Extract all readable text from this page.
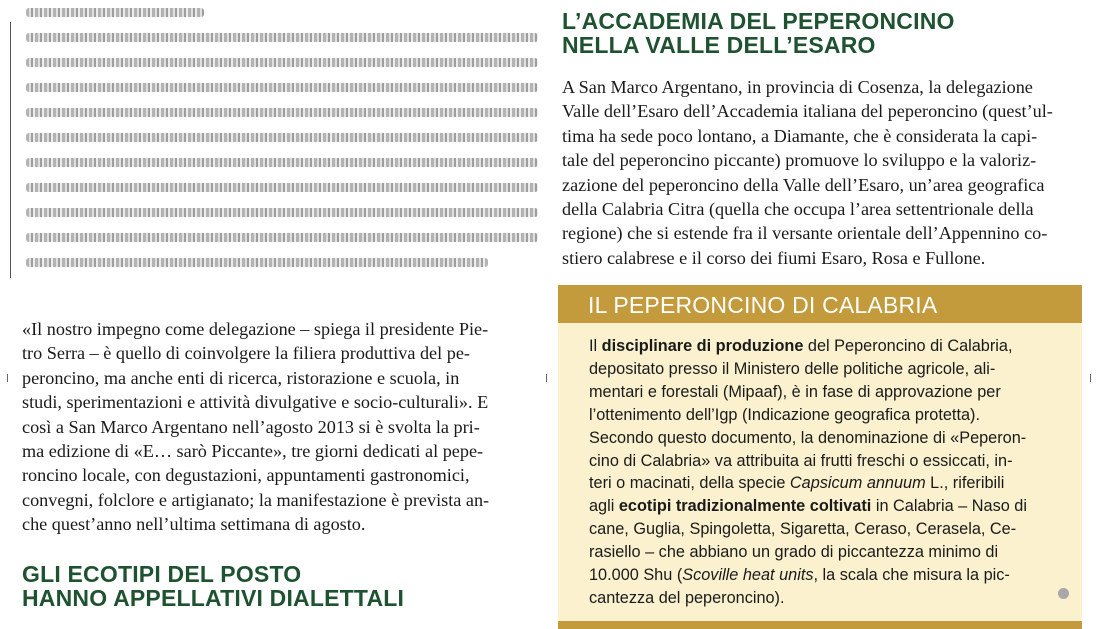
«Il nostro impegno come delegazione – spiega il presidente Pie-
tro Serra – è quello di coinvolgere la filiera produttiva del pe-
peroncino, ma anche enti di ricerca, ristorazione e scuola, in
studi, sperimentazioni e attività divulgative e socio-culturali». E
così a San Marco Argentano nell’agosto 2013 si è svolta la pri-
ma edizione di «E… sarò Piccante», tre giorni dedicati al pepe-
roncino locale, con degustazioni, appuntamenti gastronomici,
convegni, folclore e artigianato; la manifestazione è prevista an-
che quest’anno nell’ultima settimana di agosto.

GLI ECOTIPI DEL POSTO
HANNO APPELLATIVI DIALETTALI
L’ACCADEMIA DEL PEPERONCINO
NELLA VALLE DELL’ESARO

A San Marco Argentano, in provincia di Cosenza, la delegazione
Valle dell’Esaro dell’Accademia italiana del peperoncino (quest’ul-
tima ha sede poco lontano, a Diamante, che è considerata la capi-
tale del peperoncino piccante) promuove lo sviluppo e la valoriz-
zazione del peperoncino della Valle dell’Esaro, un’area geografica
della Calabria Citra (quella che occupa l’area settentrionale della
regione) che si estende fra il versante orientale dell’Appennino co-
stiero calabrese e il corso dei fiumi Esaro, Rosa e Fullone.

IL PEPERONCINO DI CALABRIA
Il disciplinare di produzione del Peperoncino di Calabria,
depositato presso il Ministero delle politiche agricole, ali-
mentari e forestali (Mipaaf), è in fase di approvazione per
l’ottenimento dell’Igp (Indicazione geografica protetta).
Secondo questo documento, la denominazione di «Peperon-
cino di Calabria» va attribuita ai frutti freschi o essiccati, in-
teri o macinati, della specie Capsicum annuum L., riferibili
agli ecotipi tradizionalmente coltivati in Calabria – Naso di
cane, Guglia, Spingoletta, Sigaretta, Ceraso, Cerasela, Ce-
rasiello – che abbiano un grado di piccantezza minimo di
10.000 Shu (Scoville heat units, la scala che misura la pic-
cantezza del peperoncino).
